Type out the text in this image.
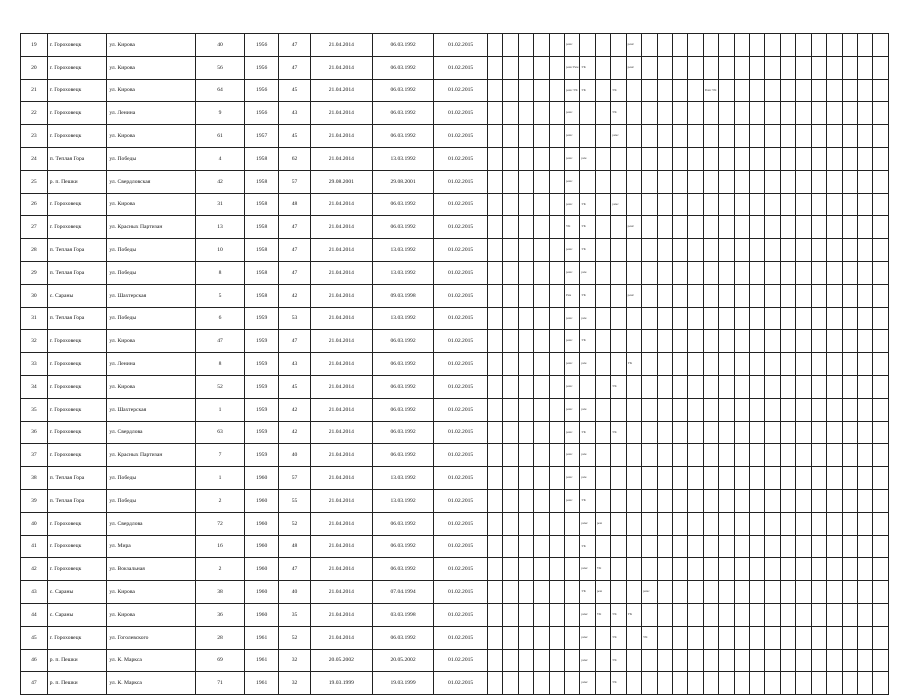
19	г. Гороховецк	ул. Кирова	40	1956	47	21.04.2014	06.03.1992	01.02.2015						ремс				ремс																
20	г. Гороховецк	ул. Кирова	56	1956	47	21.04.2014	06.03.1992	01.02.2015						ремс Рем	УК			ремс																
21	г. Гороховецк	ул. Кирова	64	1956	45	21.04.2014	06.03.1992	01.02.2015						ремс УК	УК		УК						Ремс УК											
22	г. Гороховецк	ул. Ленина	9	1956	43	21.04.2014	06.03.1992	01.02.2015						ремс			УК																	
23	г. Гороховецк	ул. Кирова	61	1957	45	21.04.2014	06.03.1992	01.02.2015						ремс			ремс																	
24	п. Теплая Гора	ул. Победы	4	1958	62	21.04.2014	13.03.1992	01.02.2015						ремс	рем																			
25	р. п. Пешки	ул. Свердловская	42	1958	57	29.08.2001	29.08.2001	01.02.2015						ремс																				
26	г. Гороховецк	ул. Кирова	31	1958	48	21.04.2014	06.03.1992	01.02.2015						ремс	УК		ремс																	
27	г. Гороховецк	ул. Красных Партизан	13	1958	47	21.04.2014	06.03.1992	01.02.2015						УК	УК			ремс																
28	п. Теплая Гора	ул. Победы	10	1958	47	21.04.2014	13.03.1992	01.02.2015						ремс	УК																			
29	п. Теплая Гора	ул. Победы	8	1958	47	21.04.2014	13.03.1992	01.02.2015						ремс	рем																			
30	с. Сараны	ул. Шахтерская	5	1958	42	21.04.2014	09.03.1998	01.02.2015						Рем	УК			ремс																
31	п. Теплая Гора	ул. Победы	6	1959	53	21.04.2014	13.03.1992	01.02.2015						ремс	рем																			
32	г. Гороховецк	ул. Кирова	47	1959	47	21.04.2014	06.03.1992	01.02.2015						ремс	УК																			
33	г. Гороховецк	ул. Ленина	8	1959	43	21.04.2014	06.03.1992	01.02.2015						ремс	рем			УК																
34	г. Гороховецк	ул. Кирова	52	1959	45	21.04.2014	06.03.1992	01.02.2015						ремс			УК																	
35	г. Гороховецк	ул. Шахтерская	1	1959	42	21.04.2014	06.03.1992	01.02.2015						ремс	рем																			
36	г. Гороховецк	ул. Свердлова	63	1959	42	21.04.2014	06.03.1992	01.02.2015						ремс	УК		УК																	
37	г. Гороховецк	ул. Красных Партизан	7	1959	40	21.04.2014	06.03.1992	01.02.2015						ремс	рем																			
38	п. Теплая Гора	ул. Победы	1	1960	57	21.04.2014	13.03.1992	01.02.2015						ремс	рем																			
39	п. Теплая Гора	ул. Победы	2	1960	55	21.04.2014	13.03.1992	01.02.2015						ремс	УК																			
40	г. Гороховецк	ул. Свердлова	72	1960	52	21.04.2014	06.03.1992	01.02.2015							ремс	рем																		
41	г. Гороховецк	ул. Мира	16	1960	48	21.04.2014	06.03.1992	01.02.2015							УК																			
42	г. Гороховецк	ул. Вокзальная	2	1960	47	21.04.2014	06.03.1992	01.02.2015							ремс	УК																		
43	с. Сараны	ул. Кирова	38	1960	40	21.04.2014	07.04.1994	01.02.2015							УК	рем			ремс															
44	с. Сараны	ул. Кирова	36	1960	35	21.04.2014	03.03.1998	01.02.2015							ремс	УК	УК	УК																
45	г. Гороховецк	ул. Гоголевского	28	1961	52	21.04.2014	06.03.1992	01.02.2015							ремс		УК		УК															
46	р. п. Пешки	ул. К. Маркса	69	1961	32	20.05.2002	20.05.2002	01.02.2015							ремс		УК																	
47	р. п. Пешки	ул. К. Маркса	71	1961	32	19.03.1999	19.03.1999	01.02.2015							ремс		УК																	
